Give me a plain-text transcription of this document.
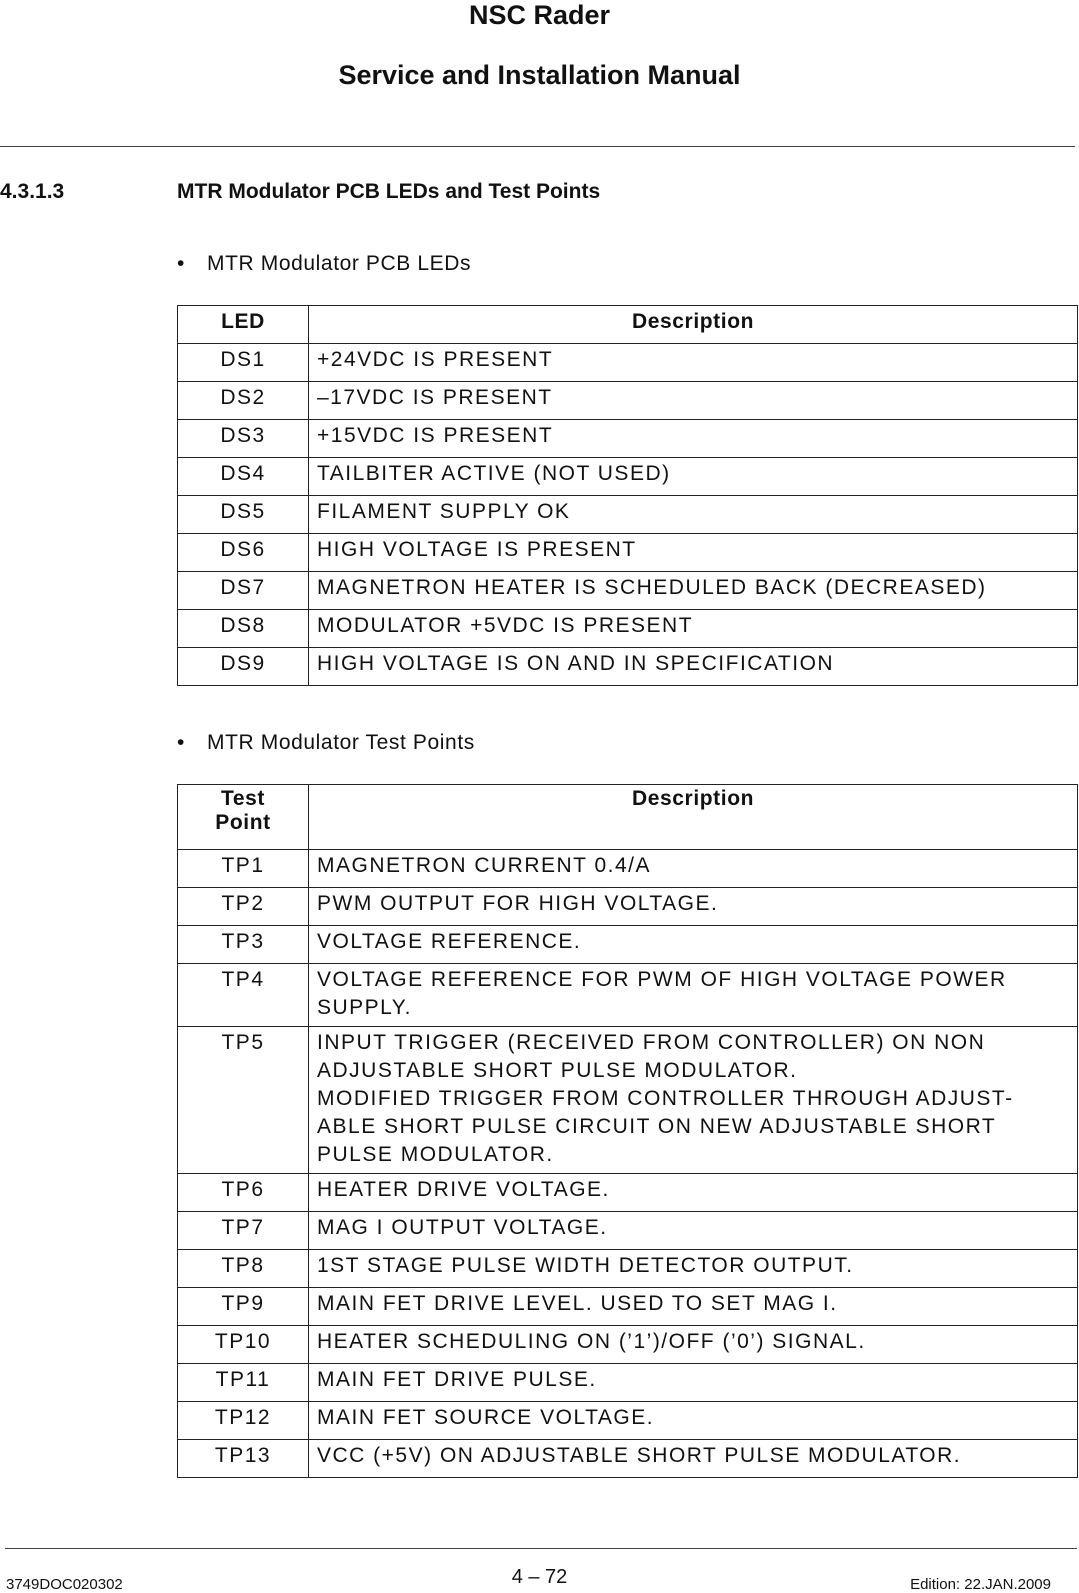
NSC Rader
Service and Installation Manual
4.3.1.3	MTR Modulator PCB LEDs and Test Points
• MTR Modulator PCB LEDs
LED	Description
DS1	+24VDC IS PRESENT
DS2	–17VDC IS PRESENT
DS3	+15VDC IS PRESENT
DS4	TAILBITER ACTIVE (NOT USED)
DS5	FILAMENT SUPPLY OK
DS6	HIGH VOLTAGE IS PRESENT
DS7	MAGNETRON HEATER IS SCHEDULED BACK (DECREASED)
DS8	MODULATOR +5VDC IS PRESENT
DS9	HIGH VOLTAGE IS ON AND IN SPECIFICATION
• MTR Modulator Test Points
Test
Point	Description
TP1	MAGNETRON CURRENT 0.4/A
TP2	PWM OUTPUT FOR HIGH VOLTAGE.
TP3	VOLTAGE REFERENCE.
TP4	VOLTAGE REFERENCE FOR PWM OF HIGH VOLTAGE POWER
SUPPLY.

TP5	INPUT TRIGGER (RECEIVED FROM CONTROLLER) ON NON
ADJUSTABLE SHORT PULSE MODULATOR.
MODIFIED TRIGGER FROM CONTROLLER THROUGH ADJUST-
ABLE SHORT PULSE CIRCUIT ON NEW ADJUSTABLE SHORT
PULSE MODULATOR.

TP6	HEATER DRIVE VOLTAGE.
TP7	MAG I OUTPUT VOLTAGE.
TP8	1ST STAGE PULSE WIDTH DETECTOR OUTPUT.
TP9	MAIN FET DRIVE LEVEL. USED TO SET MAG I.
TP10	HEATER SCHEDULING ON (’1’)/OFF (’0’) SIGNAL.
TP11	MAIN FET DRIVE PULSE.
TP12	MAIN FET SOURCE VOLTAGE.
TP13	VCC (+5V) ON ADJUSTABLE SHORT PULSE MODULATOR.
3749DOC020302	4 – 72	Edition: 22.JAN.2009
